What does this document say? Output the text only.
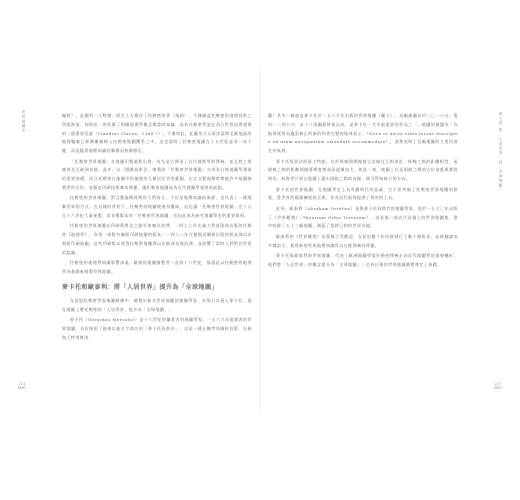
世界地圖史	第五章 從「人居世界」到「全球地圖」

編按）。此圖有一大特徵，即在上方標註了托勒密原著〈規則〉，不僅確認托勒密的地理投影之學說源流，同時也一併收錄了相關地理學概念與當時知識，成為托勒密學說在西方世界流傳發展的一個重要見證（Claudius Clavus，1388-?）。不僅如此，此圖更可以看出當時北歐地區的地理輪廓已經漸漸被納入托勒密地圖體系之中，這也說明了托勒密地圖在十五世紀並非一成不變，而是隨著地理知識的累積而持續修訂。

「托勒密世界地圖」在地圖印製過程出發，首先是它傳承了古代地理學的傳統，並且將之推廣普及至歐洲各地，此外，以「圓錐投影法」繪製的「托勒密世界地圖」亦成為日後地圖學發展的重要基礎。而且托勒密在地圖中所描繪的人類居住世界範圍，也在文藝復興時期被許多地圖繪製者所沿用，並藉由印刷技術廣為傳播，讓托勒密地圖成為近代地圖學發展的起點。

托勒密的世界地圖，對文藝復興時期的人們而言，不但是地理知識的來源，也代表了一種理解世界的方式。在這樣的背景下，托勒密的地圖被視為權威，這也讓「托勒密世界地圖」在十五至十六世紀大量複製，而各種版本的「托勒密世界地圖」也因此成為研究地圖學史的重要資料。

托勒密的世界地圖在印刷術普及之後更加廣為流傳，一四七七年在義大利波隆那出版的托勒密《地理學》，為第一部附有銅版印刷地圖的版本；一四八二年在德國烏爾姆出版的版本則以木刻版印刷地圖。這些印刷版本使得托勒密地圖得以在歐洲各地流傳，並影響了當時人們對於世界的認識。

托勒密的地理學知識影響深遠，歐洲的地圖繪製者一直到十六世紀，都還是以托勒密的地理學為基礎來繪製世界地圖。

麥卡托和歐泰利：將「人居世界」提升為「全球地圖」

在這股托勒密世界地圖熱潮中，繪製出新式世界地圖的地圖學家，首推日耳曼人麥卡托，他在地圖上將托勒密的「人居世界」提升為「全球地圖」。

麥卡托（Gerardus Mercator）是十六世紀荷蘭著名的地圖學家，一五六九年他發表的世界地圖，首次採用了後來以他名字命名的「麥卡托投影法」，這是一種正軸等角圓柱投影，在航海上特別實用。

圖）其中一幅就是麥卡托於一五六九年出版的世界地圖（圖七），這幅地圖長約二〇二公分、寬約一二四公分，由十八張圖紙拼接而成，是麥卡托一生中最重要的作品之一。地圖的標題為「為航海使用而適當修正的新的和更完整的地球表示」（Nova et aucta orbis terrae descriptio ad usum navigantium emendate accommodata），清楚表明了這幅地圖的主要用途在於航海。

麥卡托投影法的最大特點，在於經線與緯線都呈直線且互相垂直，經線之間的距離相等，而緯線之間的距離則隨著緯度增高而逐漸加大，如此一來，地圖上任意兩點之間的方位角都與實際相符，航海者只要在地圖上畫出兩點之間的直線，便可得知航行的方向。

麥卡托的世界地圖，在地圖學史上具有劃時代的意義，它不但突破了托勒密世界地圖的框架，將世界的範圍擴展到全球，更為近代航海提供了實用的工具。

此外，歐泰利（Abraham Ortelius）是與麥卡托同時代的地圖學家，他於一五七〇年出版了《世界概貌》（Theatrum Orbis Terrarum），這是第一部近代意義上的世界地圖集，書中收錄了五十三幅地圖，涵蓋了當時已知的世界各地。

歐泰利的《世界概貌》出版後大受歡迎，在短短數十年內便發行了數十個版本，並被翻譯成多種語言，使得新的世界地理知識得以在歐洲廣為傳播。

麥卡托與歐泰利的世界地圖，代表了歐洲地圖學從托勒密傳統走向近代地圖學的重要轉折，他們將「人居世界」的概念提升為「全球地圖」，也為日後的世界地圖繪製奠定了基礎。

223
PART
227
PART
